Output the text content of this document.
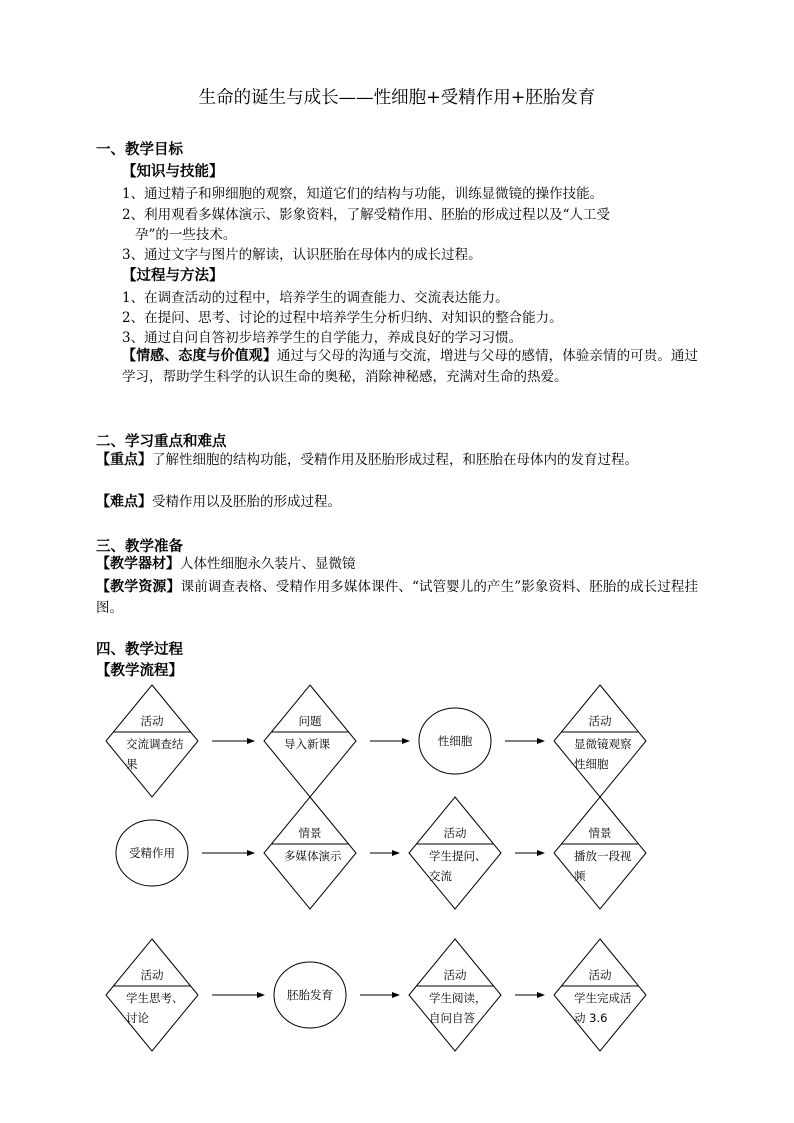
生命的诞生与成长——性细胞+受精作用+胚胎发育
一、教学目标
【知识与技能】
1、通过精子和卵细胞的观察，知道它们的结构与功能，训练显微镜的操作技能。
2、利用观看多媒体演示、影象资料，了解受精作用、胚胎的形成过程以及“人工受
孕”的一些技术。
3、通过文字与图片的解读，认识胚胎在母体内的成长过程。
【过程与方法】
1、在调查活动的过程中，培养学生的调查能力、交流表达能力。
2、在提问、思考、讨论的过程中培养学生分析归纳、对知识的整合能力。
3、通过自问自答初步培养学生的自学能力，养成良好的学习习惯。
【情感、态度与价值观】通过与父母的沟通与交流，增进与父母的感情，体验亲情的可贵。通过学习，帮助学生科学的认识生命的奥秘，消除神秘感，充满对生命的热爱。
二、学习重点和难点
【重点】了解性细胞的结构功能，受精作用及胚胎形成过程，和胚胎在母体内的发育过程。
【难点】受精作用以及胚胎的形成过程。
三、教学准备
【教学器材】人体性细胞永久装片、显微镜
【教学资源】课前调查表格、受精作用多媒体课件、“试管婴儿的产生”影象资料、胚胎的成长过程挂图。
四、教学过程
【教学流程】
活动
交流调查结
果
问题
导入新课	性细胞
活动
显微镜观察
性细胞
受精作用
情景
多媒体演示
活动
学生提问、
交流
情景
播放一段视
频
活动
学生思考、
讨论
胚胎发育
活动
学生阅读，
自问自答
活动
学生完成活
动 3.6
